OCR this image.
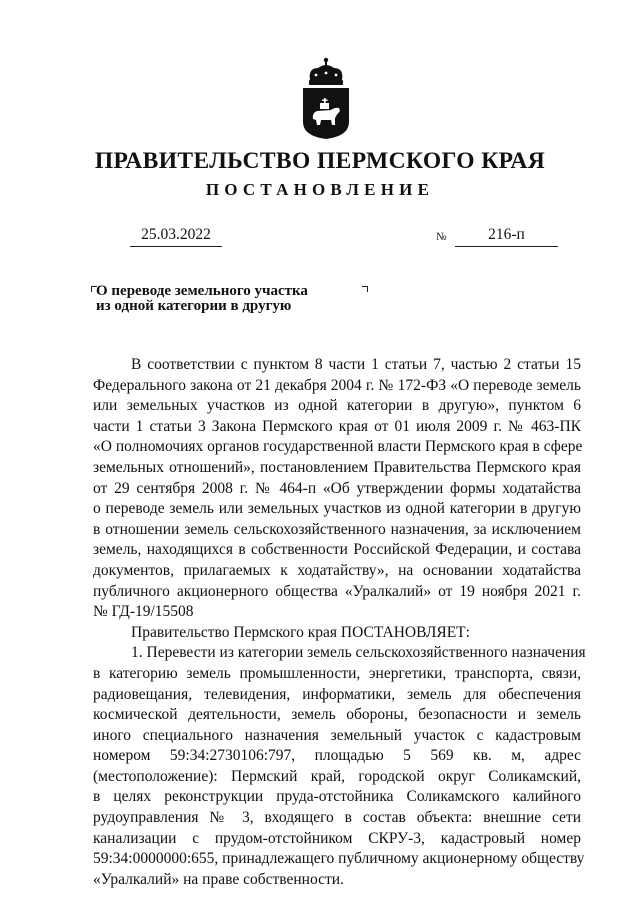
ПРАВИТЕЛЬСТВО ПЕРМСКОГО КРАЯ
ПОСТАНОВЛЕНИЕ
25.03.2022	№	216-п
О переводе земельного участка
из одной категории в другую
В соответствии с пунктом 8 части 1 статьи 7, частью 2 статьи 15
Федерального закона от 21 декабря 2004 г. № 172-ФЗ «О переводе земель
или земельных участков из одной категории в другую», пунктом 6
части 1 статьи 3 Закона Пермского края от 01 июля 2009 г. № 463-ПК
«О полномочиях органов государственной власти Пермского края в сфере
земельных отношений», постановлением Правительства Пермского края
от 29 сентября 2008 г. № 464-п «Об утверждении формы ходатайства
о переводе земель или земельных участков из одной категории в другую
в отношении земель сельскохозяйственного назначения, за исключением
земель, находящихся в собственности Российской Федерации, и состава
документов, прилагаемых к ходатайству», на основании ходатайства
публичного акционерного общества «Уралкалий» от 19 ноября 2021 г.
№ ГД-19/15508
Правительство Пермского края ПОСТАНОВЛЯЕТ:
1. Перевести из категории земель сельскохозяйственного назначения
в категорию земель промышленности, энергетики, транспорта, связи,
радиовещания, телевидения, информатики, земель для обеспечения
космической деятельности, земель обороны, безопасности и земель
иного специального назначения земельный участок с кадастровым
номером 59:34:2730106:797, площадью 5 569 кв. м, адрес
(местоположение): Пермский край, городской округ Соликамский,
в целях реконструкции пруда-отстойника Соликамского калийного
рудоуправления № 3, входящего в состав объекта: внешние сети
канализации с прудом-отстойником СКРУ-3, кадастровый номер
59:34:0000000:655, принадлежащего публичному акционерному обществу
«Уралкалий» на праве собственности.
